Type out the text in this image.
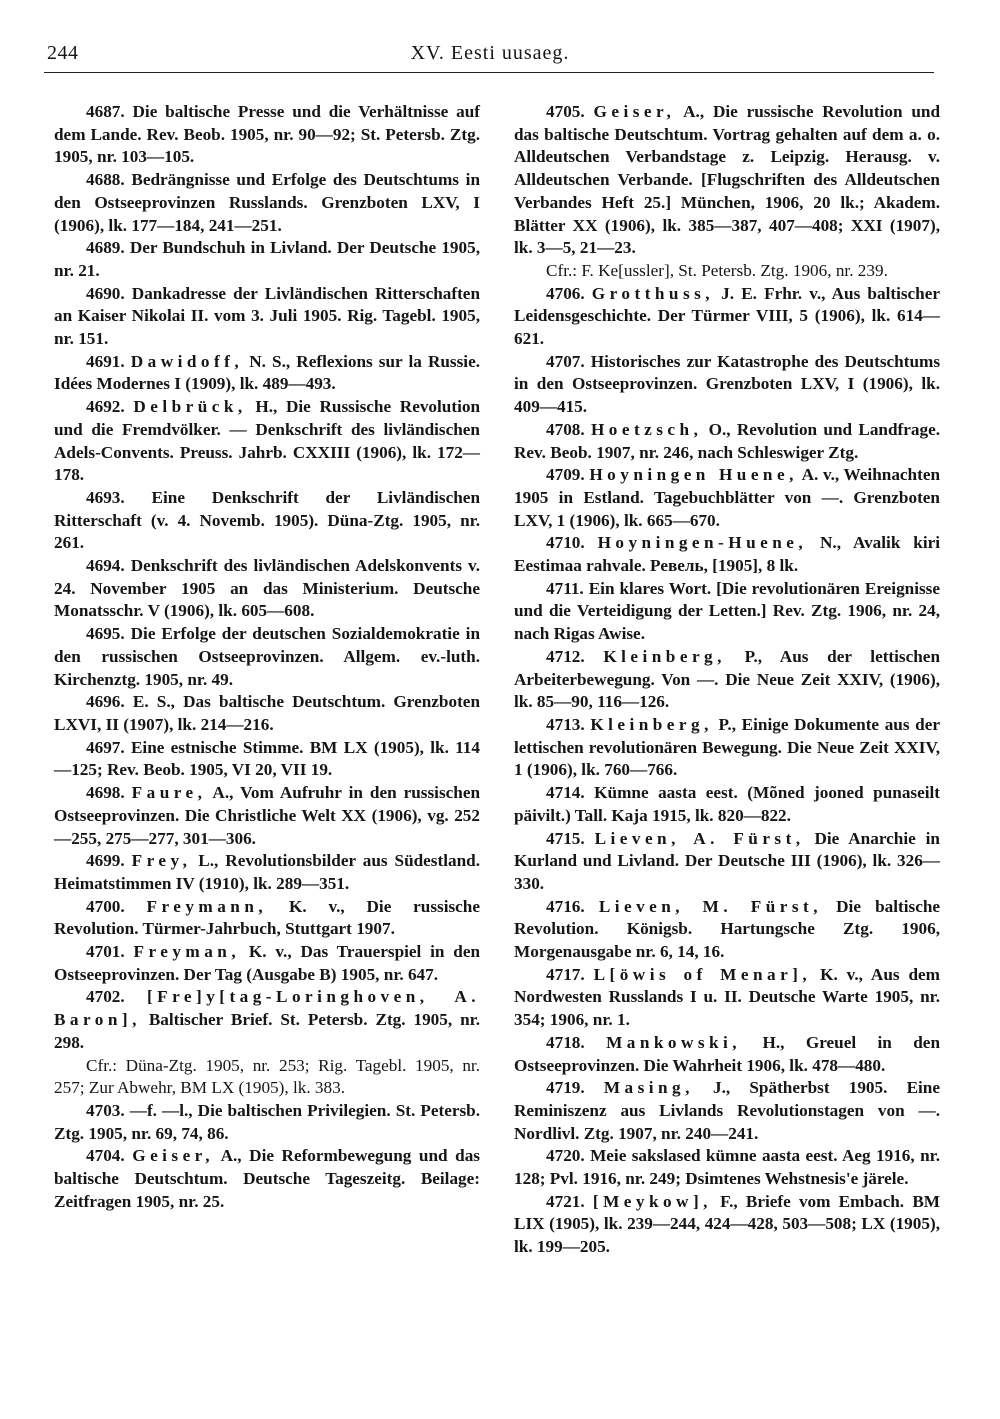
244	XV. Eesti uusaeg.

4687. Die baltische Presse und die Verhältnisse auf dem Lande. Rev. Beob. 1905, nr. 90—92; St. Petersb. Ztg. 1905, nr. 103—105.

4688. Bedrängnisse und Erfolge des Deutschtums in den Ostseeprovinzen Russlands. Grenzboten LXV, I (1906), lk. 177—184, 241—251.

4689. Der Bundschuh in Livland. Der Deutsche 1905, nr. 21.

4690. Dankadresse der Livländischen Ritterschaften an Kaiser Nikolai II. vom 3. Juli 1905. Rig. Tagebl. 1905, nr. 151.

4691. Dawidoff, N. S., Reflexions sur la Russie. Idées Modernes I (1909), lk. 489—493.

4692. Delbrück, H., Die Russische Revolution und die Fremdvölker. — Denkschrift des livländischen Adels-Convents. Preuss. Jahrb. CXXIII (1906), lk. 172—178.

4693. Eine Denkschrift der Livländischen Ritterschaft (v. 4. Novemb. 1905). Düna-Ztg. 1905, nr. 261.

4694. Denkschrift des livländischen Adelskonvents v. 24. November 1905 an das Ministerium. Deutsche Monatsschr. V (1906), lk. 605—608.

4695. Die Erfolge der deutschen Sozialdemokratie in den russischen Ostseeprovinzen. Allgem. ev.-luth. Kirchenztg. 1905, nr. 49.

4696. E. S., Das baltische Deutschtum. Grenzboten LXVI, II (1907), lk. 214—216.

4697. Eine estnische Stimme. BM LX (1905), lk. 114—125; Rev. Beob. 1905, VI 20, VII 19.

4698. Faure, A., Vom Aufruhr in den russischen Ostseeprovinzen. Die Christliche Welt XX (1906), vg. 252—255, 275—277, 301—306.

4699. Frey, L., Revolutionsbilder aus Südestland. Heimatstimmen IV (1910), lk. 289—351.

4700. Freymann, K. v., Die russische Revolution. Türmer-Jahrbuch, Stuttgart 1907.

4701. Freyman, K. v., Das Trauerspiel in den Ostseeprovinzen. Der Tag (Ausgabe B) 1905, nr. 647.

4702. [Fre]y[tag-Loringhoven, A. Baron], Baltischer Brief. St. Petersb. Ztg. 1905, nr. 298.

Cfr.: Düna-Ztg. 1905, nr. 253; Rig. Tagebl. 1905, nr. 257; Zur Abwehr, BM LX (1905), lk. 383.

4703. —f. —l., Die baltischen Privilegien. St. Petersb. Ztg. 1905, nr. 69, 74, 86.

4704. Geiser, A., Die Reformbewegung und das baltische Deutschtum. Deutsche Tageszeitg. Beilage: Zeitfragen 1905, nr. 25.

4705. Geiser, A., Die russische Revolution und das baltische Deutschtum. Vortrag gehalten auf dem a. o. Alldeutschen Verbandstage z. Leipzig. Herausg. v. Alldeutschen Verbande. [Flugschriften des Alldeutschen Verbandes Heft 25.] München, 1906, 20 lk.; Akadem. Blätter XX (1906), lk. 385—387, 407—408; XXI (1907), lk. 3—5, 21—23.

Cfr.: F. Ke[ussler], St. Petersb. Ztg. 1906, nr. 239.

4706. Grotthuss, J. E. Frhr. v., Aus baltischer Leidensgeschichte. Der Türmer VIII, 5 (1906), lk. 614—621.

4707. Historisches zur Katastrophe des Deutschtums in den Ostseeprovinzen. Grenzboten LXV, I (1906), lk. 409—415.

4708. Hoetzsch, O., Revolution und Landfrage. Rev. Beob. 1907, nr. 246, nach Schleswiger Ztg.

4709. Hoyningen Huene, A. v., Weihnachten 1905 in Estland. Tagebuchblätter von —. Grenzboten LXV, 1 (1906), lk. 665—670.

4710. Hoyningen-Huene, N., Avalik kiri Eestimaa rahvale. Ревель, [1905], 8 lk.

4711. Ein klares Wort. [Die revolutionären Ereignisse und die Verteidigung der Letten.] Rev. Ztg. 1906, nr. 24, nach Rigas Awise.

4712. Kleinberg, P., Aus der lettischen Arbeiterbewegung. Von —. Die Neue Zeit XXIV, (1906), lk. 85—90, 116—126.

4713. Kleinberg, P., Einige Dokumente aus der lettischen revolutionären Bewegung. Die Neue Zeit XXIV, 1 (1906), lk. 760—766.

4714. Kümne aasta eest. (Mõned jooned punaseilt päivilt.) Tall. Kaja 1915, lk. 820—822.

4715. Lieven, A. Fürst, Die Anarchie in Kurland und Livland. Der Deutsche III (1906), lk. 326—330.

4716. Lieven, M. Fürst, Die baltische Revolution. Königsb. Hartungsche Ztg. 1906, Morgenausgabe nr. 6, 14, 16.

4717. L[öwis of Menar], K. v., Aus dem Nordwesten Russlands I u. II. Deutsche Warte 1905, nr. 354; 1906, nr. 1.

4718. Mankowski, H., Greuel in den Ostseeprovinzen. Die Wahrheit 1906, lk. 478—480.

4719. Masing, J., Spätherbst 1905. Eine Reminiszenz aus Livlands Revolutionstagen von —. Nordlivl. Ztg. 1907, nr. 240—241.

4720. Meie sakslased kümne aasta eest. Aeg 1916, nr. 128; Pvl. 1916, nr. 249; Dsimtenes Wehstnesis'e järele.

4721. [Meykow], F., Briefe vom Embach. BM LIX (1905), lk. 239—244, 424—428, 503—508; LX (1905), lk. 199—205.
